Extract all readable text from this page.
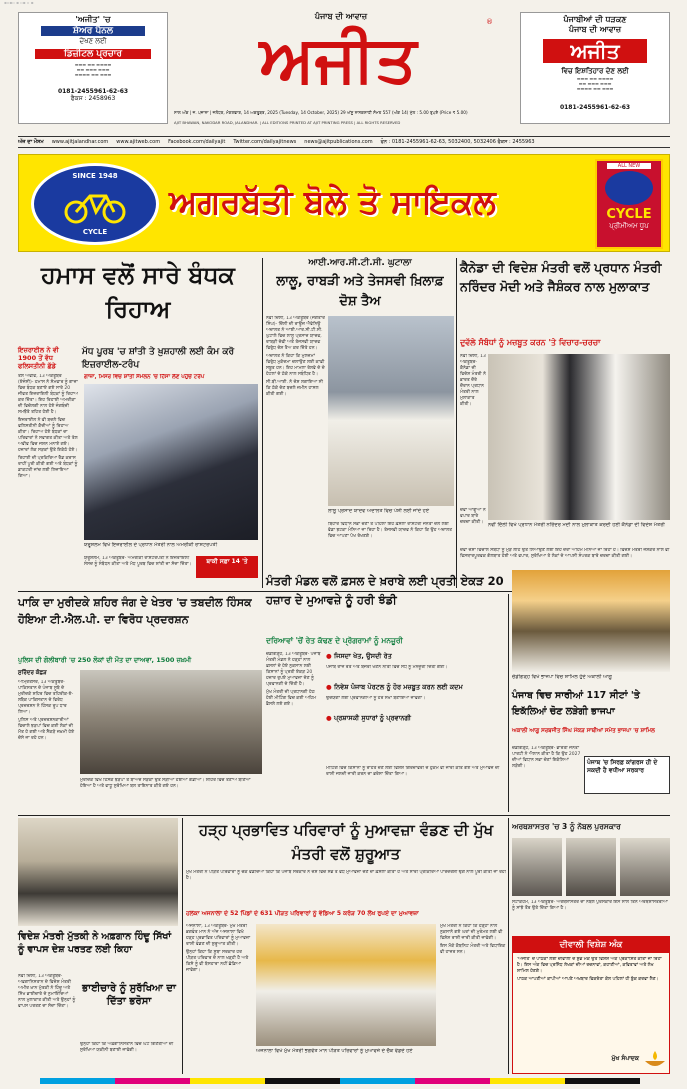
▪▫▪▫ ▪ ▫▪ ▫ ▪
'ਅਜੀਤ' 'ਚ
ਸ਼ੇਅਰ ਪੈਨਲ
ਦੇਖਣ ਲਈ
ਡਿਜ਼ੀਟਲ ਪ੍ਰਚਾਰ
▬▬▬ ▬▬ ▬▬▬▬
▬▬ ▬▬▬ ▬▬▬
▬▬▬▬ ▬▬ ▬▬▬
0181-2455961-62-63
ਫੈਕਸ : 2458963
ਪੰਜਾਬ ਦੀ ਆਵਾਜ਼
ਅਜੀਤ	®	ਪੰਜਾਬੀਆਂ ਦੀ ਧੜਕਣ
ਪੰਜਾਬ ਦੀ ਆਵਾਜ਼
ਅਜੀਤ
ਵਿਚ ਇਸ਼ਤਿਹਾਰ ਦੇਣ ਲਈ
▬▬▬ ▬▬ ▬▬▬▬
▬▬ ▬▬▬ ▬▬▬
▬▬▬▬ ▬▬ ▬▬▬
0181-2455961-62-63
ਸਾਲ ਅੰਕ | ਜ. ਪਜ਼ਾਨਾ | ਜਲੰਧਰ, ਮੰਗਲਵਾਰ, 14 ਅਕਤੂਬਰ, 2025 (Tuesday, 14 October, 2025) 29 ਅੱਸੂ ਨਾਨਕਸ਼ਾਹੀ ਸੰਮਤ 557 (ਅੰਕ 14) ਮੁੱਲ : 5.00 ਰੁਪਏ (Price ₹ 5.00)
AJIT BHAWAN, NAKODAR ROAD, JALANDHAR. | ALL EDITIONS PRINTED AT AJIT PRINTING PRESS | ALL RIGHTS RESERVED
ਅੱਜ ਦਾ ਮੌਸਮ www.ajitjalandhar.com www.ajitweb.com Facebook.com/dailyajit Twitter.com/dailyajitnews news@ajitpublications.com ਫੋਨ : 0181-2455961-62-63, 5032400, 5032406 ਫੈਕਸ : 2455963
SINCE 1948
CYCLE
ਅਗਰਬੱਤੀ ਬੋਲੇ ਤੋ ਸਾਇਕਲ
ALL NEW
CYCLE
ਪ੍ਰੀਮੀਅਮ ਧੂਪ
ਹਮਾਸ ਵਲੋਂ ਸਾਰੇ ਬੰਧਕ ਰਿਹਾਅ
ਇਜ਼ਰਾਈਲ ਨੇ ਵੀ 1900 ਤੋਂ ਵੱਧ ਫਲਿਸਤੀਨੀ ਛੱਡੇ
ਮੱਧ ਪੂਰਬ 'ਚ ਸ਼ਾਂਤੀ ਤੇ ਖ਼ੁਸ਼ਹਾਲੀ ਲਈ ਕੰਮ ਕਰੋ ਇਜ਼ਰਾਈਲ-ਟਰੰਪ
ਗਾਜ਼ਾ, ਮਿਸਰ ਵਿਚ ਸ਼ਾਂਤੀ ਸੰਮੇਲਨ 'ਚ ਹਿੱਸਾ ਲੈਣ ਪਹੁੰਚੇ ਟਰੰਪ

ਤੇਲ ਅਵੀਵ, 13 ਅਕਤੂਬਰ (ਏਜੰਸੀ)- ਹਮਾਸ ਨੇ ਸੋਮਵਾਰ ਨੂੰ ਗਾਜ਼ਾ ਵਿਚ ਬੰਧਕ ਬਣਾਏ ਗਏ ਸਾਰੇ 20 ਜੀਵਤ ਇਜ਼ਰਾਇਲੀ ਬੰਧਕਾਂ ਨੂੰ ਰਿਹਾਅ ਕਰ ਦਿੱਤਾ। ਇਹ ਰਿਹਾਈ ਅਮਰੀਕਾ ਦੀ ਵਿਚੋਲਗੀ ਨਾਲ ਹੋਏ ਜੰਗਬੰਦੀ ਸਮਝੌਤੇ ਤਹਿਤ ਹੋਈ ਹੈ।

ਇਜ਼ਰਾਈਲ ਨੇ ਵੀ ਬਦਲੇ ਵਿਚ ਫਲਿਸਤੀਨੀ ਕੈਦੀਆਂ ਨੂੰ ਰਿਹਾਅ ਕੀਤਾ। ਰਿਹਾਅ ਹੋਏ ਬੰਧਕਾਂ ਦਾ ਪਰਿਵਾਰਾਂ ਨੇ ਸਵਾਗਤ ਕੀਤਾ ਅਤੇ ਤੇਲ ਅਵੀਵ ਵਿਚ ਜਸ਼ਨ ਮਨਾਏ ਗਏ। ਹਜ਼ਾਰਾਂ ਲੋਕ ਸੜਕਾਂ ਉਤੇ ਇਕੱਠੇ ਹੋਏ।

ਰਿਹਾਈ ਦੀ ਪ੍ਰਕਿਰਿਆ ਰੈੱਡ ਕਰਾਸ ਰਾਹੀਂ ਪੂਰੀ ਕੀਤੀ ਗਈ ਅਤੇ ਬੰਧਕਾਂ ਨੂੰ ਡਾਕਟਰੀ ਜਾਂਚ ਲਈ ਲਿਜਾਇਆ ਗਿਆ।

ਯਰੂਸ਼ਲਮ ਵਿਖੇ ਇਜ਼ਰਾਈਲ ਦੇ ਪ੍ਰਧਾਨ ਮੰਤਰੀ ਨਾਲ ਅਮਰੀਕੀ ਰਾਸ਼ਟਰਪਤੀ

ਯਰੂਸ਼ਲਮ, 13 ਅਕਤੂਬਰ- ਅਮਰੀਕੀ ਰਾਸ਼ਟਰਪਤੀ ਨੇ ਇਜ਼ਰਾਇਲੀ ਸੰਸਦ ਨੂੰ ਸੰਬੋਧਨ ਕੀਤਾ ਅਤੇ ਮੱਧ ਪੂਰਬ ਵਿਚ ਸ਼ਾਂਤੀ ਦਾ ਸੱਦਾ ਦਿੱਤਾ।	ਬਾਕੀ ਸਫ਼ਾ 14 'ਤੇ
ਆਈ.ਆਰ.ਸੀ.ਟੀ.ਸੀ. ਘੁਟਾਲਾ
ਲਾਲੂ, ਰਾਬੜੀ ਅਤੇ ਤੇਜਸਵੀ ਖ਼ਿਲਾਫ਼ ਦੋਸ਼ ਤੈਅ

ਨਵੀਂ ਦਿੱਲੀ, 13 ਅਕਤੂਬਰ (ਜਗਤਾਰ ਸਿੰਘ)- ਦਿੱਲੀ ਦੀ ਰਾਊਜ਼ ਐਵੇਨਿਊ ਅਦਾਲਤ ਨੇ ਆਈ.ਆਰ.ਸੀ.ਟੀ.ਸੀ. ਘੁਟਾਲੇ ਵਿਚ ਲਾਲੂ ਪ੍ਰਸਾਦ ਯਾਦਵ, ਰਾਬੜੀ ਦੇਵੀ ਅਤੇ ਤੇਜਸਵੀ ਯਾਦਵ ਵਿਰੁੱਧ ਦੋਸ਼ ਤੈਅ ਕਰ ਦਿੱਤੇ ਹਨ।

ਅਦਾਲਤ ਨੇ ਕਿਹਾ ਕਿ ਮੁਲਜ਼ਮਾਂ ਵਿਰੁੱਧ ਮੁਕੱਦਮਾ ਚਲਾਉਣ ਲਈ ਕਾਫ਼ੀ ਸਬੂਤ ਹਨ। ਇਹ ਮਾਮਲਾ ਰੇਲਵੇ ਦੇ ਦੋ ਹੋਟਲਾਂ ਦੇ ਠੇਕੇ ਨਾਲ ਸਬੰਧਿਤ ਹੈ।

ਸੀ.ਬੀ.ਆਈ. ਨੇ ਦੋਸ਼ ਲਗਾਇਆ ਸੀ ਕਿ ਠੇਕੇ ਦੇਣ ਬਦਲੇ ਜ਼ਮੀਨ ਹਾਸਲ ਕੀਤੀ ਗਈ।

ਲਾਲੂ ਪ੍ਰਸਾਦ ਯਾਦਵ ਅਦਾਲਤ ਵਿਚ ਪੇਸ਼ੀ ਲਈ ਜਾਂਦੇ ਹੋਏ

ਬਿਹਾਰ ਵਿਧਾਨ ਸਭਾ ਚੋਣਾਂ ਤੋਂ ਪਹਿਲਾਂ ਇਹ ਫ਼ੈਸਲਾ ਰਾਸ਼ਟਰੀ ਜਨਤਾ ਦਲ ਲਈ ਵੱਡਾ ਝਟਕਾ ਮੰਨਿਆ ਜਾ ਰਿਹਾ ਹੈ। ਤੇਜਸਵੀ ਯਾਦਵ ਨੇ ਕਿਹਾ ਕਿ ਉਹ ਅਦਾਲਤ ਵਿਚ ਆਪਣਾ ਪੱਖ ਰੱਖਣਗੇ।

ਕੈਨੇਡਾ ਦੀ ਵਿਦੇਸ਼ ਮੰਤਰੀ ਵਲੋਂ ਪ੍ਰਧਾਨ ਮੰਤਰੀ ਨਰਿੰਦਰ ਮੋਦੀ ਅਤੇ ਜੈਸ਼ੰਕਰ ਨਾਲ ਮੁਲਾਕਾਤ
ਦੁਵੱਲੇ ਸੰਬੰਧਾਂ ਨੂੰ ਮਜ਼ਬੂਤ ਕਰਨ 'ਤੇ ਵਿਚਾਰ-ਚਰਚਾ

ਨਵੀਂ ਦਿੱਲੀ, 13 ਅਕਤੂਬਰ- ਕੈਨੇਡਾ ਦੀ ਵਿਦੇਸ਼ ਮੰਤਰੀ ਨੇ ਭਾਰਤ ਦੌਰੇ ਦੌਰਾਨ ਪ੍ਰਧਾਨ ਮੰਤਰੀ ਨਾਲ ਮੁਲਾਕਾਤ ਕੀਤੀ।

ਦੋਵਾਂ ਆਗੂਆਂ ਨੇ ਵਪਾਰ ਬਾਰੇ ਚਰਚਾ ਕੀਤੀ। ਨਵੀਂ ਦਿੱਲੀ ਵਿਖੇ ਪ੍ਰਧਾਨ ਮੰਤਰੀ ਨਰਿੰਦਰ ਮੋਦੀ ਨਾਲ ਮੁਲਾਕਾਤ ਕਰਦੀ ਹੋਈ ਕੈਨੇਡਾ ਦੀ ਵਿਦੇਸ਼ ਮੰਤਰੀ

ਦੋਵਾਂ ਦੇਸ਼ਾਂ ਵਿਚਾਲੇ ਸੰਬੰਧਾਂ ਨੂੰ ਮੁੜ ਲੀਹ ਉਤੇ ਲਿਆਉਣ ਲਈ ਇਹ ਦੌਰਾ ਅਹਿਮ ਮੰਨਿਆ ਜਾ ਰਿਹਾ ਹੈ। ਵਿਦੇਸ਼ ਮੰਤਰੀ ਜੈਸ਼ੰਕਰ ਨਾਲ ਵੀ ਵਿਸਥਾਰਪੂਰਵਕ ਗੱਲਬਾਤ ਹੋਈ ਅਤੇ ਵਪਾਰ, ਸੁਰੱਖਿਆ ਤੇ ਲੋਕਾਂ ਦੇ ਆਪਸੀ ਸੰਪਰਕ ਬਾਰੇ ਚਰਚਾ ਕੀਤੀ ਗਈ।

ਮੰਤਰੀ ਮੰਡਲ ਵਲੋਂ ਫ਼ਸਲ ਦੇ ਖ਼ਰਾਬੇ ਲਈ ਪ੍ਰਤੀ ਏਕੜ 20 ਹਜ਼ਾਰ ਦੇ ਮੁਆਵਜ਼ੇ ਨੂੰ ਹਰੀ ਝੰਡੀ
ਪਾਕਿ ਦਾ ਮੁਰੀਦਕੇ ਸ਼ਹਿਰ ਜੰਗ ਦੇ ਖੇਤਰ 'ਚ ਤਬਦੀਲ ਹਿੰਸਕ ਹੋਇਆ ਟੀ.ਐਲ.ਪੀ. ਦਾ ਵਿਰੋਧ ਪ੍ਰਦਰਸ਼ਨ
ਪੁਲਿਸ ਦੀ ਗੋਲੀਬਾਰੀ 'ਚ 250 ਲੋਕਾਂ ਦੀ ਮੌਤ ਦਾ ਦਾਅਵਾ, 1500 ਜ਼ਖ਼ਮੀ
ਸੁਰਿੰਦਰ ਕੋਛੜ

ਅੰਮ੍ਰਿਤਸਰ, 13 ਅਕਤੂਬਰ- ਪਾਕਿਸਤਾਨ ਦੇ ਪੰਜਾਬ ਸੂਬੇ ਦੇ ਮੁਰੀਦਕੇ ਸ਼ਹਿਰ ਵਿਚ ਤਹਿਰੀਕ-ਏ-ਲਬੈਕ ਪਾਕਿਸਤਾਨ ਦੇ ਵਿਰੋਧ ਪ੍ਰਦਰਸ਼ਨ ਨੇ ਹਿੰਸਕ ਰੂਪ ਧਾਰ ਲਿਆ।

ਪੁਲਿਸ ਅਤੇ ਪ੍ਰਦਰਸ਼ਨਕਾਰੀਆਂ ਵਿਚਾਲੇ ਝੜਪਾਂ ਵਿਚ ਕਈ ਲੋਕਾਂ ਦੀ ਮੌਤ ਹੋ ਗਈ ਅਤੇ ਸੈਂਕੜੇ ਜ਼ਖ਼ਮੀ ਹੋਏ ਦੱਸੇ ਜਾ ਰਹੇ ਹਨ।

ਮੁਰੀਦਕੇ ਵਿਖੇ ਹਿੰਸਕ ਝੜਪਾਂ ਤੋਂ ਬਾਅਦ ਸੜਕਾਂ ਉਤੇ ਸੜੀਆਂ ਹੋਈਆਂ ਗੱਡੀਆਂ। ਸ਼ਹਿਰ ਵਿਚ ਤਣਾਅ ਬਣਿਆ ਹੋਇਆ ਹੈ ਅਤੇ ਵਾਧੂ ਸੁਰੱਖਿਆ ਬਲ ਤਾਇਨਾਤ ਕੀਤੇ ਗਏ ਹਨ।

ਦਰਿਆਵਾਂ 'ਚੋਂ ਰੇਤ ਕੱਢਣ ਦੇ ਪ੍ਰੋਗਰਾਮਾਂ ਨੂੰ ਮਨਜ਼ੂਰੀ

ਚੰਡੀਗੜ੍ਹ, 13 ਅਕਤੂਬਰ- ਪੰਜਾਬ ਮੰਤਰੀ ਮੰਡਲ ਨੇ ਹੜ੍ਹਾਂ ਨਾਲ ਫ਼ਸਲਾਂ ਦੇ ਹੋਏ ਨੁਕਸਾਨ ਲਈ ਕਿਸਾਨਾਂ ਨੂੰ ਪ੍ਰਤੀ ਏਕੜ 20 ਹਜ਼ਾਰ ਰੁਪਏ ਮੁਆਵਜ਼ਾ ਦੇਣ ਨੂੰ ਪ੍ਰਵਾਨਗੀ ਦੇ ਦਿੱਤੀ ਹੈ।

ਮੁੱਖ ਮੰਤਰੀ ਦੀ ਪ੍ਰਧਾਨਗੀ ਹੇਠ ਹੋਈ ਮੀਟਿੰਗ ਵਿਚ ਕਈ ਅਹਿਮ ਫ਼ੈਸਲੇ ਲਏ ਗਏ।

● ਜਿਸਦਾ ਖੇਤ, ਉਸਦੀ ਰੇਤ
ਪੰਜਾਬ ਰਾਜ ਰੇਤ ਅਤੇ ਬੱਜਰੀ ਖਣਨ ਨੀਤੀ ਵਿਚ ਸੋਧ ਨੂੰ ਮਨਜ਼ੂਰੀ ਦਿੱਤੀ ਗਈ।
● ਨਿਵੇਸ਼ ਪੰਜਾਬ ਪੋਰਟਲ ਨੂੰ ਹੋਰ ਮਜ਼ਬੂਤ ਕਰਨ ਲਈ ਕਦਮ
ਉਦਯੋਗਾਂ ਲਈ ਪ੍ਰਵਾਨਗੀਆਂ ਨੂੰ ਹੋਰ ਸੌਖਾ ਬਣਾਇਆ ਜਾਵੇਗਾ।
● ਪ੍ਰਸ਼ਾਸਕੀ ਸੁਧਾਰਾਂ ਨੂੰ ਪ੍ਰਵਾਨਗੀ

ਮੀਟਿੰਗ ਵਿਚ ਕਿਸਾਨਾਂ ਨੂੰ ਰਾਹਤ ਦੇਣ ਲਈ ਵਿਸ਼ੇਸ਼ ਗਿਰਦਾਵਰੀ ਦੇ ਹੁਕਮ ਵੀ ਜਾਰੀ ਕੀਤੇ ਗਏ ਅਤੇ ਮੁਆਵਜ਼ੇ ਦੀ ਰਾਸ਼ੀ ਜਲਦੀ ਜਾਰੀ ਕਰਨ ਦਾ ਭਰੋਸਾ ਦਿੱਤਾ ਗਿਆ।

ਚੰਡੀਗੜ੍ਹ ਵਿਖੇ ਭਾਜਪਾ ਵਿਚ ਸ਼ਾਮਿਲ ਹੁੰਦੇ ਅਕਾਲੀ ਆਗੂ
ਪੰਜਾਬ ਵਿਚ ਸਾਰੀਆਂ 117 ਸੀਟਾਂ 'ਤੇ ਇਕੱਲਿਆਂ ਚੋਣ ਲੜੇਗੀ ਭਾਜਪਾ
ਅਕਾਲੀ ਆਗੂ ਸਰਬਜੀਤ ਸਿੰਘ ਮੱਕੜ ਸਾਥੀਆਂ ਸਮੇਤ ਭਾਜਪਾ 'ਚ ਸ਼ਾਮਿਲ

ਚੰਡੀਗੜ੍ਹ, 13 ਅਕਤੂਬਰ- ਭਾਰਤੀ ਜਨਤਾ ਪਾਰਟੀ ਨੇ ਐਲਾਨ ਕੀਤਾ ਹੈ ਕਿ ਉਹ 2027 ਦੀਆਂ ਵਿਧਾਨ ਸਭਾ ਚੋਣਾਂ ਇਕੱਲਿਆਂ ਲੜੇਗੀ।

ਪੰਜਾਬ 'ਚ ਸਿਰਫ਼ ਕਾਂਗਰਸ ਹੀ ਦੇ ਸਕਦੀ ਹੈ ਵਧੀਆ ਸਰਕਾਰ
ਵਿਦੇਸ਼ ਮੰਤਰੀ ਮੁੱਤਕੀ ਨੇ ਅਫ਼ਗਾਨ ਹਿੰਦੂ ਸਿੱਖਾਂ ਨੂੰ ਵਾਪਸ ਦੇਸ਼ ਪਰਤਣ ਲਈ ਕਿਹਾ

ਨਵੀਂ ਦਿੱਲੀ, 13 ਅਕਤੂਬਰ- ਅਫ਼ਗਾਨਿਸਤਾਨ ਦੇ ਵਿਦੇਸ਼ ਮੰਤਰੀ ਅਮੀਰ ਖ਼ਾਨ ਮੁੱਤਕੀ ਨੇ ਹਿੰਦੂ ਅਤੇ ਸਿੱਖ ਭਾਈਚਾਰੇ ਦੇ ਨੁਮਾਇੰਦਿਆਂ ਨਾਲ ਮੁਲਾਕਾਤ ਕੀਤੀ ਅਤੇ ਉਨ੍ਹਾਂ ਨੂੰ ਵਾਪਸ ਪਰਤਣ ਦਾ ਸੱਦਾ ਦਿੱਤਾ।

ਭਾਈਚਾਰੇ ਨੂੰ ਸੁਰੱਖਿਆ ਦਾ ਦਿੱਤਾ ਭਰੋਸਾ

ਉਨ੍ਹਾਂ ਕਿਹਾ ਕਿ ਅਫ਼ਗਾਨਿਸਤਾਨ ਵਿਚ ਘੱਟ ਗਿਣਤੀਆਂ ਦੀ ਸੁਰੱਖਿਆ ਯਕੀਨੀ ਬਣਾਈ ਜਾਵੇਗੀ।

ਹੜ੍ਹ ਪ੍ਰਭਾਵਿਤ ਪਰਿਵਾਰਾਂ ਨੂੰ ਮੁਆਵਜ਼ਾ ਵੰਡਣ ਦੀ ਮੁੱਖ ਮੰਤਰੀ ਵਲੋਂ ਸ਼ੁਰੂਆਤ
ਹਲਕਾ ਅਜਨਾਲਾ ਦੇ 52 ਪਿੰਡਾਂ ਦੇ 631 ਪੀੜਤ ਪਰਿਵਾਰਾਂ ਨੂੰ ਵੰਡਿਆ 5 ਕਰੋੜ 70 ਲੱਖ ਰੁਪਏ ਦਾ ਮੁਆਵਜ਼ਾ

ਅਜਨਾਲਾ, 13 ਅਕਤੂਬਰ- ਮੁੱਖ ਮੰਤਰੀ ਭਗਵੰਤ ਮਾਨ ਨੇ ਅੱਜ ਅਜਨਾਲਾ ਵਿਖੇ ਹੜ੍ਹ ਪ੍ਰਭਾਵਿਤ ਪਰਿਵਾਰਾਂ ਨੂੰ ਮੁਆਵਜ਼ਾ ਰਾਸ਼ੀ ਵੰਡਣ ਦੀ ਸ਼ੁਰੂਆਤ ਕੀਤੀ।

ਉਨ੍ਹਾਂ ਕਿਹਾ ਕਿ ਸੂਬਾ ਸਰਕਾਰ ਹਰ ਪੀੜਤ ਪਰਿਵਾਰ ਦੇ ਨਾਲ ਖੜ੍ਹੀ ਹੈ ਅਤੇ ਕਿਸੇ ਨੂੰ ਵੀ ਬੇਸਹਾਰਾ ਨਹੀਂ ਛੱਡਿਆ ਜਾਵੇਗਾ।

ਅਜਨਾਲਾ ਵਿਖੇ ਮੁੱਖ ਮੰਤਰੀ ਭਗਵੰਤ ਮਾਨ ਪੀੜਤ ਪਰਿਵਾਰਾਂ ਨੂੰ ਮੁਆਵਜ਼ੇ ਦੇ ਚੈੱਕ ਵੰਡਦੇ ਹੋਏ

ਮੁੱਖ ਮੰਤਰੀ ਨੇ ਕਿਹਾ ਕਿ ਹੜ੍ਹਾਂ ਨਾਲ ਨੁਕਸਾਨੇ ਗਏ ਘਰਾਂ ਦੀ ਮੁਰੰਮਤ ਲਈ ਵੀ ਵਿਸ਼ੇਸ਼ ਰਾਸ਼ੀ ਜਾਰੀ ਕੀਤੀ ਜਾਵੇਗੀ।

ਇਸ ਮੌਕੇ ਕੈਬਨਿਟ ਮੰਤਰੀ ਅਤੇ ਵਿਧਾਇਕ ਵੀ ਹਾਜ਼ਰ ਸਨ।

ਮੁੱਖ ਮੰਤਰੀ ਨੇ ਪੀੜਤ ਪਰਿਵਾਰਾਂ ਨੂੰ ਚੈੱਕ ਵੰਡਦਿਆਂ ਕਿਹਾ ਕਿ ਪੰਜਾਬ ਸਰਕਾਰ ਨੇ ਦੇਸ਼ ਵਿਚ ਸਭ ਤੋਂ ਵੱਧ ਮੁਆਵਜ਼ਾ ਦੇਣ ਦਾ ਫ਼ੈਸਲਾ ਕੀਤਾ ਹੈ ਅਤੇ ਸਾਰੀ ਪ੍ਰਕਿਰਿਆ ਪਾਰਦਰਸ਼ੀ ਢੰਗ ਨਾਲ ਪੂਰੀ ਕੀਤੀ ਜਾ ਰਹੀ ਹੈ।

ਅਰਥਸ਼ਾਸਤਰ 'ਚ 3 ਨੂੰ ਨੋਬਲ ਪੁਰਸਕਾਰ

ਸਟਾਕਹੋਮ, 13 ਅਕਤੂਬਰ- ਅਰਥਸ਼ਾਸਤਰ ਦਾ ਨੋਬਲ ਪੁਰਸਕਾਰ ਇਸ ਸਾਲ ਤਿੰਨ ਅਰਥਸ਼ਾਸਤਰੀਆਂ ਨੂੰ ਸਾਂਝੇ ਤੌਰ ਉਤੇ ਦਿੱਤਾ ਗਿਆ ਹੈ।

ਦੀਵਾਲੀ ਵਿਸ਼ੇਸ਼ ਅੰਕ

'ਅਜੀਤ' ਦੇ ਪਾਠਕਾਂ ਲਈ ਦੀਵਾਲੀ ਦੇ ਸ਼ੁਭ ਮੌਕੇ ਉਤੇ ਵਿਸ਼ੇਸ਼ ਅੰਕ ਪ੍ਰਕਾਸ਼ਿਤ ਕੀਤਾ ਜਾ ਰਿਹਾ ਹੈ। ਇਸ ਅੰਕ ਵਿਚ ਪ੍ਰਸਿੱਧ ਲੇਖਕਾਂ ਦੀਆਂ ਰਚਨਾਵਾਂ, ਕਹਾਣੀਆਂ, ਕਵਿਤਾਵਾਂ ਅਤੇ ਲੇਖ ਸ਼ਾਮਿਲ ਹੋਣਗੇ।

ਪਾਠਕ ਆਪਣੀਆਂ ਕਾਪੀਆਂ ਆਪਣੇ ਅਖ਼ਬਾਰ ਵਿਕਰੇਤਾ ਕੋਲ ਪਹਿਲਾਂ ਹੀ ਬੁੱਕ ਕਰਵਾ ਲੈਣ।

ਮੁੱਖ ਸੰਪਾਦਕ
